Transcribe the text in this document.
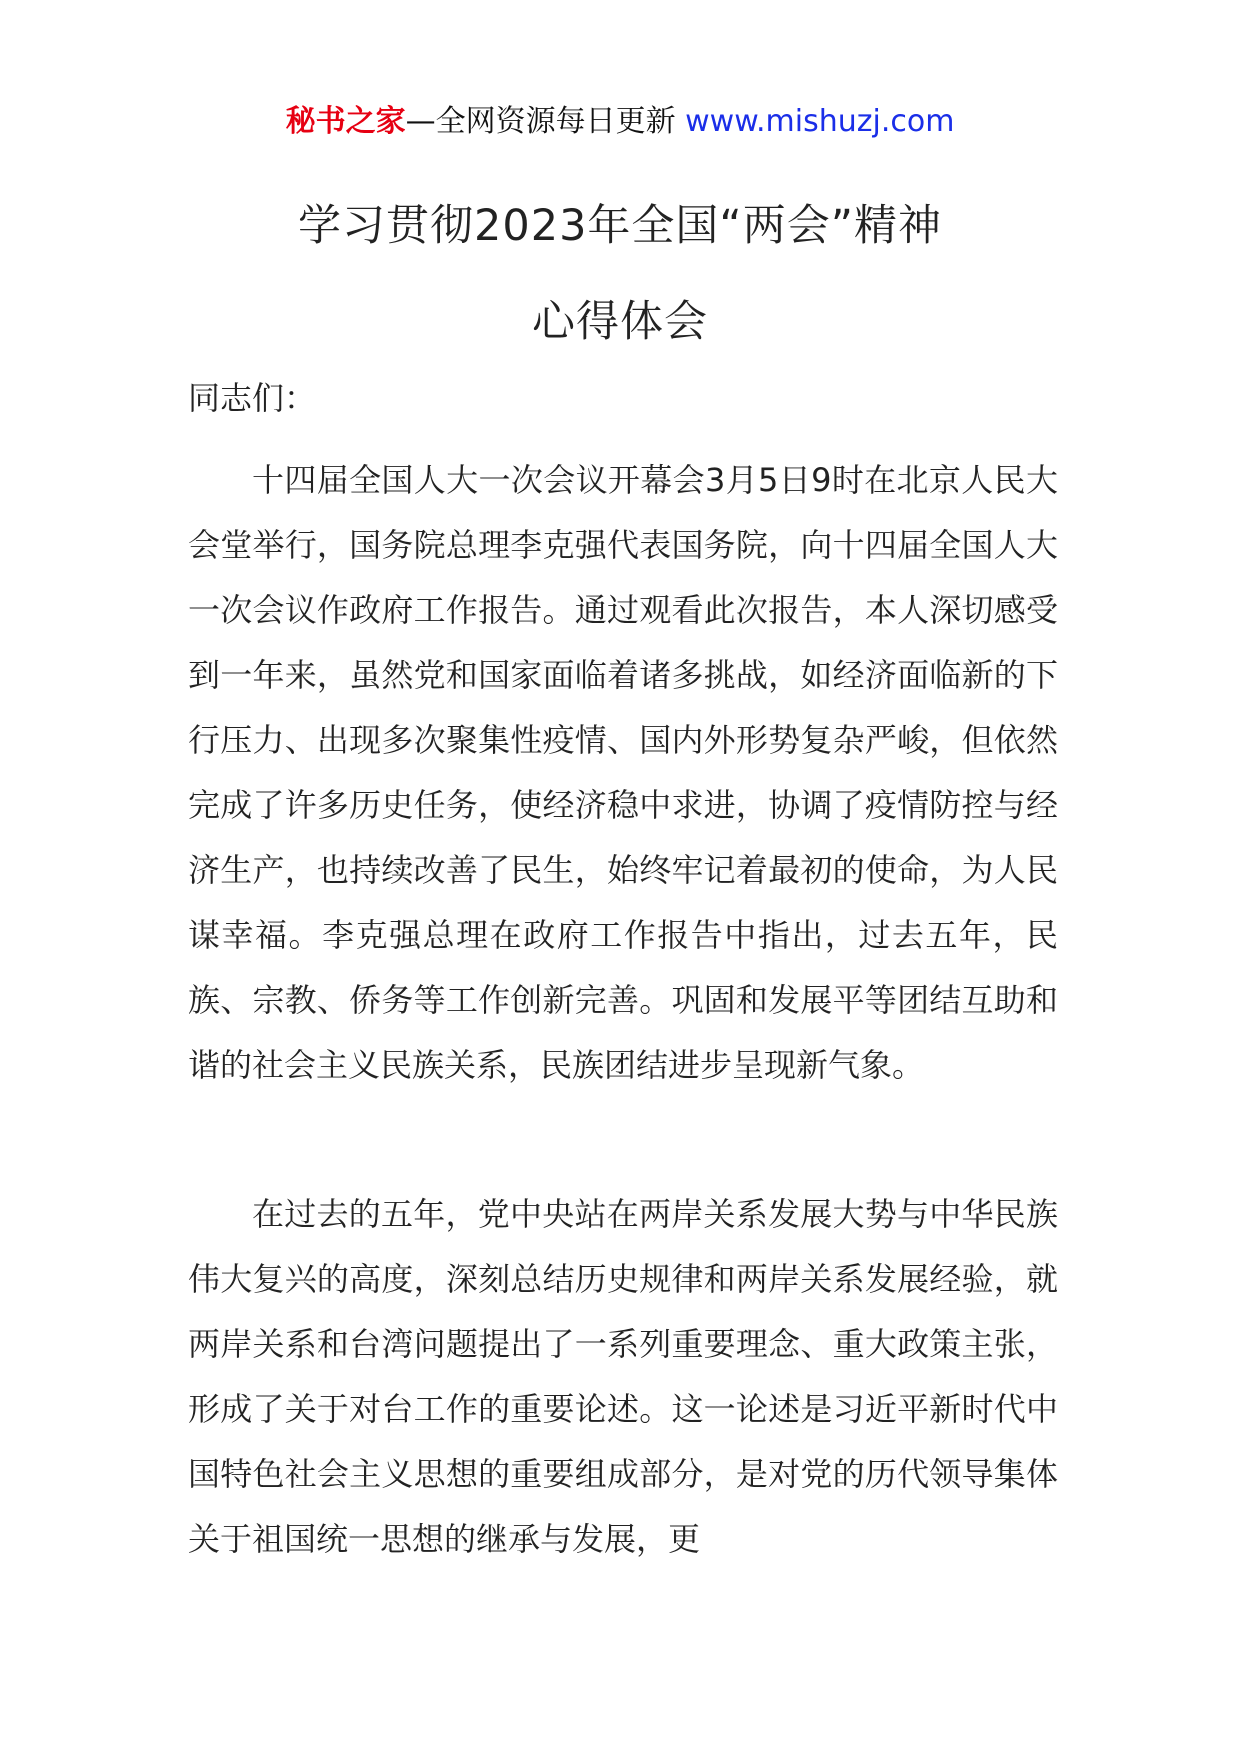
秘书之家—全网资源每日更新 www.mishuzj.com
学习贯彻2023年全国“两会”精神
心得体会
同志们：

十四届全国人大一次会议开幕会3月5日9时在北京人民大会堂举行，国务院总理李克强代表国务院，向十四届全国人大一次会议作政府工作报告。通过观看此次报告，本人深切感受到一年来，虽然党和国家面临着诸多挑战，如经济面临新的下行压力、出现多次聚集性疫情、国内外形势复杂严峻，但依然完成了许多历史任务，使经济稳中求进，协调了疫情防控与经济生产，也持续改善了民生，始终牢记着最初的使命，为人民谋幸福。李克强总理在政府工作报告中指出，过去五年，民族、宗教、侨务等工作创新完善。巩固和发展平等团结互助和谐的社会主义民族关系，民族团结进步呈现新气象。

在过去的五年，党中央站在两岸关系发展大势与中华民族伟大复兴的高度，深刻总结历史规律和两岸关系发展经验，就两岸关系和台湾问题提出了一系列重要理念、重大政策主张，形成了关于对台工作的重要论述。这一论述是习近平新时代中国特色社会主义思想的重要组成部分，是对党的历代领导集体关于祖国统一思想的继承与发展，更
